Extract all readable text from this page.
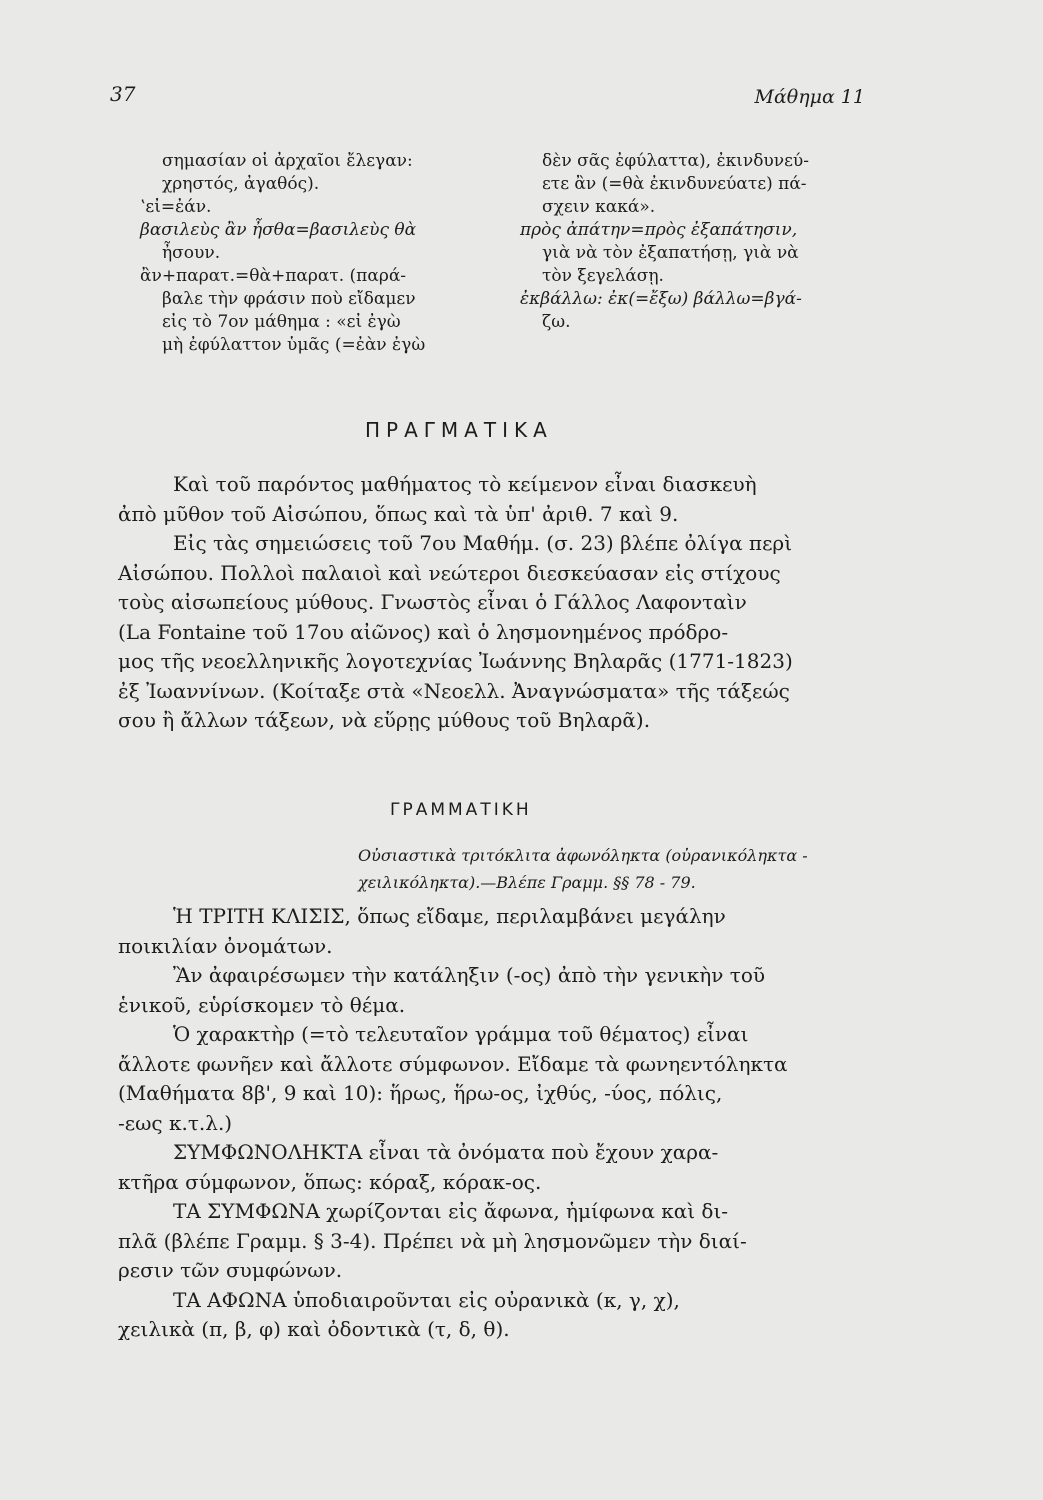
37	Μάθημα 11

σημασίαν οἱ ἀρχαῖοι ἔλεγαν:

χρηστός, ἀγαθός).

ʽεἰ=ἐάν.

βασιλεὺς ἂν ἦσθα=βασιλεὺς θὰ

ἦσουν.

ἂν+παρατ.=θὰ+παρατ. (παρά-

βαλε τὴν φράσιν ποὺ εἴδαμεν

εἰς τὸ 7ον μάθημα : «εἰ ἐγὼ

μὴ ἐφύλαττον ὑμᾶς (=ἐὰν ἐγὼ

δὲν σᾶς ἐφύλαττα), ἐκινδυνεύ-

ετε ἂν (=θὰ ἐκινδυνεύατε) πά-

σχειν κακά».

πρὸς ἀπάτην=πρὸς ἐξαπάτησιν,

γιὰ νὰ τὸν ἐξαπατήσῃ, γιὰ νὰ

τὸν ξεγελάσῃ.

ἐκβάλλω: ἐκ(=ἔξω) βάλλω=βγά-

ζω.

ΠΡΑΓΜΑΤΙΚΑ

Καὶ τοῦ παρόντος μαθήματος τὸ κείμενον εἶναι διασκευὴ

ἀπὸ μῦθον τοῦ Αἰσώπου, ὅπως καὶ τὰ ὑπ' ἀριθ. 7 καὶ 9.

Εἰς τὰς σημειώσεις τοῦ 7ου Μαθήμ. (σ. 23) βλέπε ὀλίγα περὶ

Αἰσώπου. Πολλοὶ παλαιοὶ καὶ νεώτεροι διεσκεύασαν εἰς στίχους

τοὺς αἰσωπείους μύθους. Γνωστὸς εἶναι ὁ Γάλλος Λαφονταὶν

(La Fontaine τοῦ 17ου αἰῶνος) καὶ ὁ λησμονημένος πρόδρο-

μος τῆς νεοελληνικῆς λογοτεχνίας Ἰωάννης Βηλαρᾶς (1771-1823)

ἐξ Ἰωαννίνων. (Κοίταξε στὰ «Νεοελλ. Ἀναγνώσματα» τῆς τάξεώς

σου ἢ ἄλλων τάξεων, νὰ εὕρῃς μύθους τοῦ Βηλαρᾶ).

ΓΡΑΜΜΑΤΙΚΗ
Οὐσιαστικὰ τριτόκλιτα ἀφωνόληκτα (οὐρανικόληκτα -
χειλικόληκτα).—Βλέπε Γραμμ. §§ 78 - 79.

Ἡ ΤΡΙΤΗ ΚΛΙΣΙΣ, ὅπως εἴδαμε, περιλαμβάνει μεγάλην

ποικιλίαν ὀνομάτων.

Ἂν ἀφαιρέσωμεν τὴν κατάληξιν (-ος) ἀπὸ τὴν γενικὴν τοῦ

ἑνικοῦ, εὑρίσκομεν τὸ θέμα.

Ὁ χαρακτὴρ (=τὸ τελευταῖον γράμμα τοῦ θέματος) εἶναι

ἄλλοτε φωνῆεν καὶ ἄλλοτε σύμφωνον. Εἴδαμε τὰ φωνηεντόληκτα

(Μαθήματα 8β', 9 καὶ 10): ἥρως, ἥρω-ος, ἰχθύς, -ύος, πόλις,

-εως κ.τ.λ.)

ΣΥΜΦΩΝΟΛΗΚΤΑ εἶναι τὰ ὀνόματα ποὺ ἔχουν χαρα-

κτῆρα σύμφωνον, ὅπως: κόραξ, κόρακ-ος.

ΤΑ ΣΥΜΦΩΝΑ χωρίζονται εἰς ἄφωνα, ἡμίφωνα καὶ δι-

πλᾶ (βλέπε Γραμμ. § 3-4). Πρέπει νὰ μὴ λησμονῶμεν τὴν διαί-

ρεσιν τῶν συμφώνων.

ΤΑ ΑΦΩΝΑ ὑποδιαιροῦνται εἰς οὐρανικὰ (κ, γ, χ),

χειλικὰ (π, β, φ) καὶ ὀδοντικὰ (τ, δ, θ).
